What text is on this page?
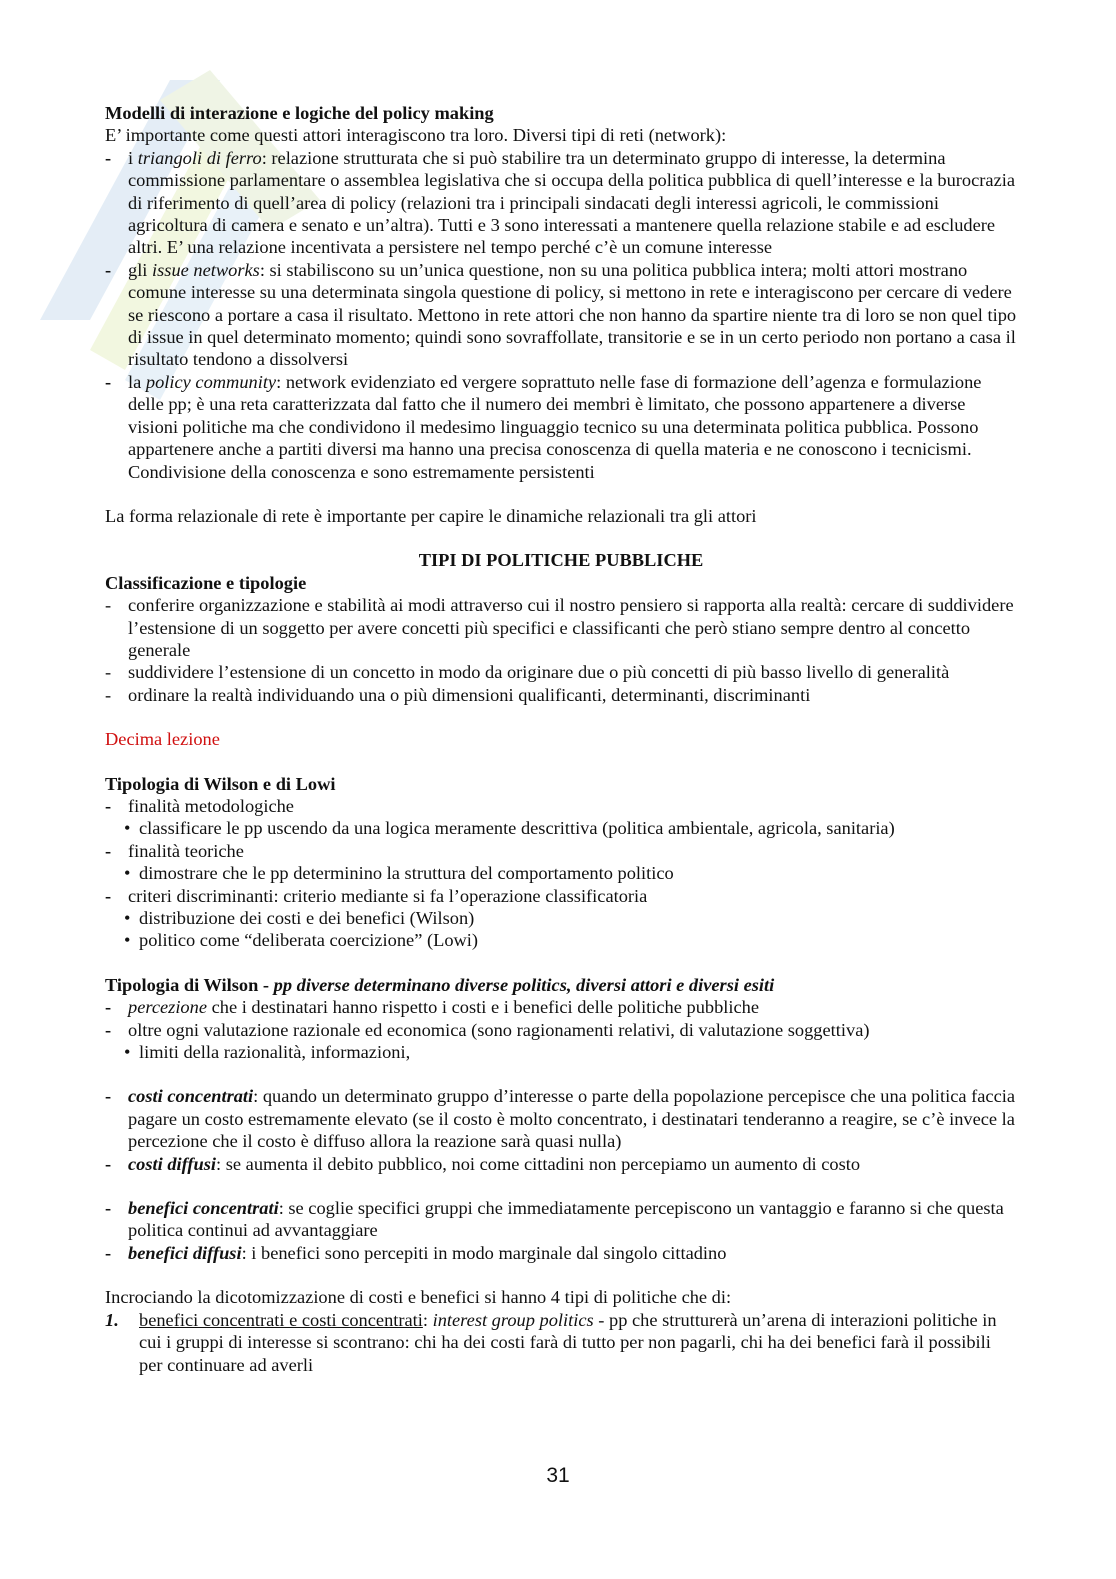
Modelli di interazione e logiche del policy making

E’ importante come questi attori interagiscono tra loro. Diversi tipi di reti (network):

- i triangoli di ferro: relazione strutturata che si può stabilire tra un determinato gruppo di interesse, la determina commissione parlamentare o assemblea legislativa che si occupa della politica pubblica di quell’interesse e la burocrazia di riferimento di quell’area di policy (relazioni tra i principali sindacati degli interessi agricoli, le commissioni agricoltura di camera e senato e un’altra). Tutti e 3 sono interessati a mantenere quella relazione stabile e ad escludere altri. E’ una relazione incentivata a persistere nel tempo perché c’è un comune interesse
- gli issue networks: si stabiliscono su un’unica questione, non su una politica pubblica intera; molti attori mostrano comune interesse su una determinata singola questione di policy, si mettono in rete e interagiscono per cercare di vedere se riescono a portare a casa il risultato. Mettono in rete attori che non hanno da spartire niente tra di loro se non quel tipo di issue in quel determinato momento; quindi sono sovraffollate, transitorie e se in un certo periodo non portano a casa il risultato tendono a dissolversi
- la policy community: network evidenziato ed vergere soprattuto nelle fase di formazione dell’agenza e formulazione delle pp; è una reta caratterizzata dal fatto che il numero dei membri è limitato, che possono appartenere a diverse visioni politiche ma che condividono il medesimo linguaggio tecnico su una determinata politica pubblica. Possono appartenere anche a partiti diversi ma hanno una precisa conoscenza di quella materia e ne conoscono i tecnicismi. Condivisione della conoscenza e sono estremamente persistenti

La forma relazionale di rete è importante per capire le dinamiche relazionali tra gli attori

TIPI DI POLITICHE PUBBLICHE

Classificazione e tipologie

- conferire organizzazione e stabilità ai modi attraverso cui il nostro pensiero si rapporta alla realtà: cercare di suddividere l’estensione di un soggetto per avere concetti più specifici e classificanti che però stiano sempre dentro al concetto generale
- suddividere l’estensione di un concetto in modo da originare due o più concetti di più basso livello di generalità
- ordinare la realtà individuando una o più dimensioni qualificanti, determinanti, discriminanti

Decima lezione

Tipologia di Wilson e di Lowi

- finalità metodologiche
• classificare le pp uscendo da una logica meramente descrittiva (politica ambientale, agricola, sanitaria)
- finalità teoriche
• dimostrare che le pp determinino la struttura del comportamento politico
- criteri discriminanti: criterio mediante si fa l’operazione classificatoria
• distribuzione dei costi e dei benefici (Wilson)
• politico come “deliberata coercizione” (Lowi)

Tipologia di Wilson - pp diverse determinano diverse politics, diversi attori e diversi esiti

- percezione che i destinatari hanno rispetto i costi e i benefici delle politiche pubbliche
- oltre ogni valutazione razionale ed economica (sono ragionamenti relativi, di valutazione soggettiva)
• limiti della razionalità, informazioni,
- costi concentrati: quando un determinato gruppo d’interesse o parte della popolazione percepisce che una politica faccia pagare un costo estremamente elevato (se il costo è molto concentrato, i destinatari tenderanno a reagire, se c’è invece la percezione che il costo è diffuso allora la reazione sarà quasi nulla)
- costi diffusi: se aumenta il debito pubblico, noi come cittadini non percepiamo un aumento di costo
- benefici concentrati: se coglie specifici gruppi che immediatamente percepiscono un vantaggio e faranno si che questa politica continui ad avvantaggiare
- benefici diffusi: i benefici sono percepiti in modo marginale dal singolo cittadino

Incrociando la dicotomizzazione di costi e benefici si hanno 4 tipi di politiche che di:

1. benefici concentrati e costi concentrati: interest group politics - pp che strutturerà un’arena di interazioni politiche in cui i gruppi di interesse si scontrano: chi ha dei costi farà di tutto per non pagarli, chi ha dei benefici farà il possibili per continuare ad averli
31
